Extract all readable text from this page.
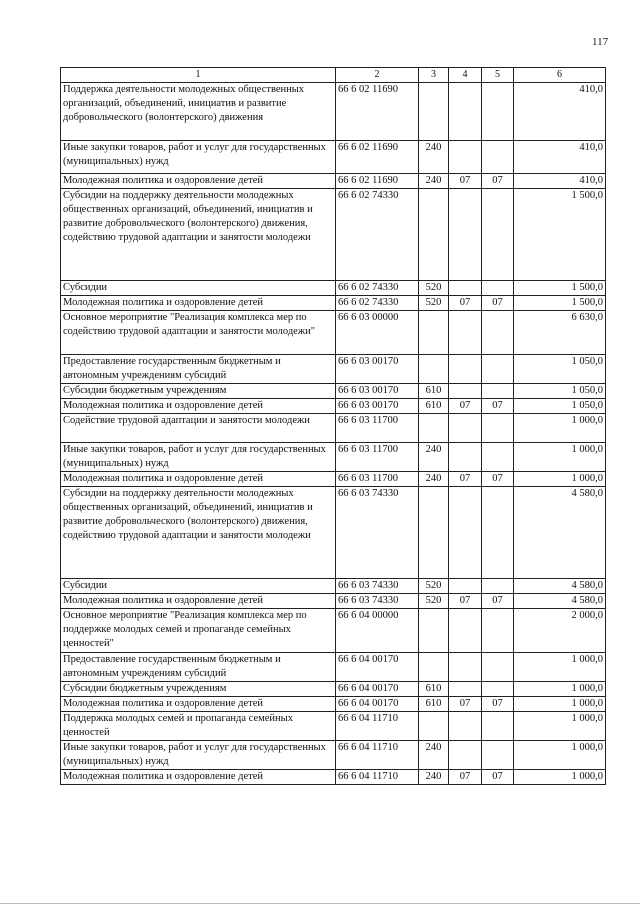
117
1	2	3	4	5	6
Поддержка деятельности молодежных общественных организаций, объединений, инициатив и развитие добровольческого (волонтерского) движения	66 6 02 11690				410,0
Иные закупки товаров, работ и услуг для государственных (муниципальных) нужд	66 6 02 11690	240			410,0
Молодежная политика и оздоровление детей	66 6 02 11690	240	07	07	410,0
Субсидии на поддержку деятельности молодежных общественных организаций, объединений, инициатив и развитие добровольческого (волонтерского) движения, содействию трудовой адаптации и занятости молодежи	66 6 02 74330				1 500,0
Субсидии	66 6 02 74330	520			1 500,0
Молодежная политика и оздоровление детей	66 6 02 74330	520	07	07	1 500,0
Основное мероприятие "Реализация комплекса мер по содействию трудовой адаптации и занятости молодежи"	66 6 03 00000				6 630,0
Предоставление государственным бюджетным и автономным учреждениям субсидий	66 6 03 00170				1 050,0
Субсидии бюджетным учреждениям	66 6 03 00170	610			1 050,0
Молодежная политика и оздоровление детей	66 6 03 00170	610	07	07	1 050,0
Содействие трудовой адаптации и занятости молодежи	66 6 03 11700				1 000,0
Иные закупки товаров, работ и услуг для государственных (муниципальных) нужд	66 6 03 11700	240			1 000,0
Молодежная политика и оздоровление детей	66 6 03 11700	240	07	07	1 000,0
Субсидии на поддержку деятельности молодежных общественных организаций, объединений, инициатив и развитие добровольческого (волонтерского) движения, содействию трудовой адаптации и занятости молодежи	66 6 03 74330				4 580,0
Субсидии	66 6 03 74330	520			4 580,0
Молодежная политика и оздоровление детей	66 6 03 74330	520	07	07	4 580,0
Основное мероприятие "Реализация комплекса мер по поддержке молодых семей и пропаганде семейных ценностей"	66 6 04 00000				2 000,0
Предоставление государственным бюджетным и автономным учреждениям субсидий	66 6 04 00170				1 000,0
Субсидии бюджетным учреждениям	66 6 04 00170	610			1 000,0
Молодежная политика и оздоровление детей	66 6 04 00170	610	07	07	1 000,0
Поддержка молодых семей и пропаганда семейных ценностей	66 6 04 11710				1 000,0
Иные закупки товаров, работ и услуг для государственных (муниципальных) нужд	66 6 04 11710	240			1 000,0
Молодежная политика и оздоровление детей	66 6 04 11710	240	07	07	1 000,0
